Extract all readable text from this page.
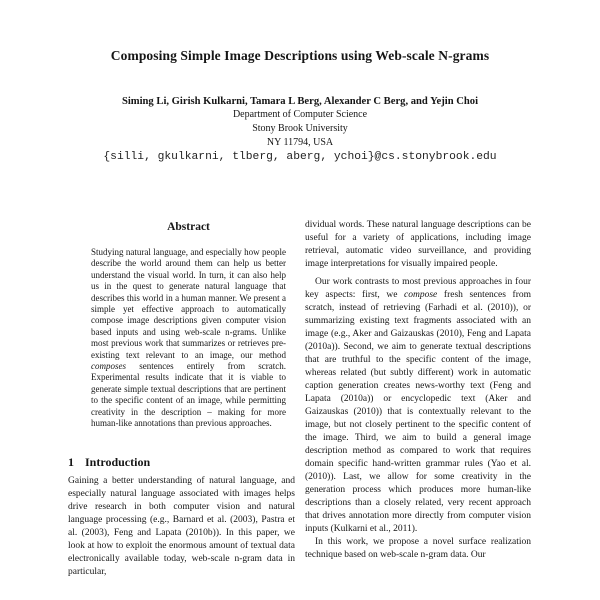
Composing Simple Image Descriptions using Web-scale N-grams
Siming Li, Girish Kulkarni, Tamara L Berg, Alexander C Berg, and Yejin Choi
Department of Computer Science
Stony Brook University
NY 11794, USA
{silli, gkulkarni, tlberg, aberg, ychoi}@cs.stonybrook.edu
Abstract

Studying natural language, and especially how people describe the world around them can help us better understand the visual world. In turn, it can also help us in the quest to generate natural language that describes this world in a human manner. We present a simple yet effective approach to automatically compose image descriptions given computer vision based inputs and using web-scale n-grams. Unlike most previous work that summarizes or retrieves pre-existing text relevant to an image, our method composes sentences entirely from scratch. Experimental results indicate that it is viable to generate simple textual descriptions that are pertinent to the specific content of an image, while permitting creativity in the description – making for more human-like annotations than previous approaches.

1 Introduction

Gaining a better understanding of natural language, and especially natural language associated with images helps drive research in both computer vision and natural language processing (e.g., Barnard et al. (2003), Pastra et al. (2003), Feng and Lapata (2010b)). In this paper, we look at how to exploit the enormous amount of textual data electronically available today, web-scale n-gram data in particular,

dividual words. These natural language descriptions can be useful for a variety of applications, including image retrieval, automatic video surveillance, and providing image interpretations for visually impaired people.

Our work contrasts to most previous approaches in four key aspects: first, we compose fresh sentences from scratch, instead of retrieving (Farhadi et al. (2010)), or summarizing existing text fragments associated with an image (e.g., Aker and Gaizauskas (2010), Feng and Lapata (2010a)). Second, we aim to generate textual descriptions that are truthful to the specific content of the image, whereas related (but subtly different) work in automatic caption generation creates news-worthy text (Feng and Lapata (2010a)) or encyclopedic text (Aker and Gaizauskas (2010)) that is contextually relevant to the image, but not closely pertinent to the specific content of the image. Third, we aim to build a general image description method as compared to work that requires domain specific hand-written grammar rules (Yao et al. (2010)). Last, we allow for some creativity in the generation process which produces more human-like descriptions than a closely related, very recent approach that drives annotation more directly from computer vision inputs (Kulkarni et al., 2011).

In this work, we propose a novel surface realization technique based on web-scale n-gram data. Our
